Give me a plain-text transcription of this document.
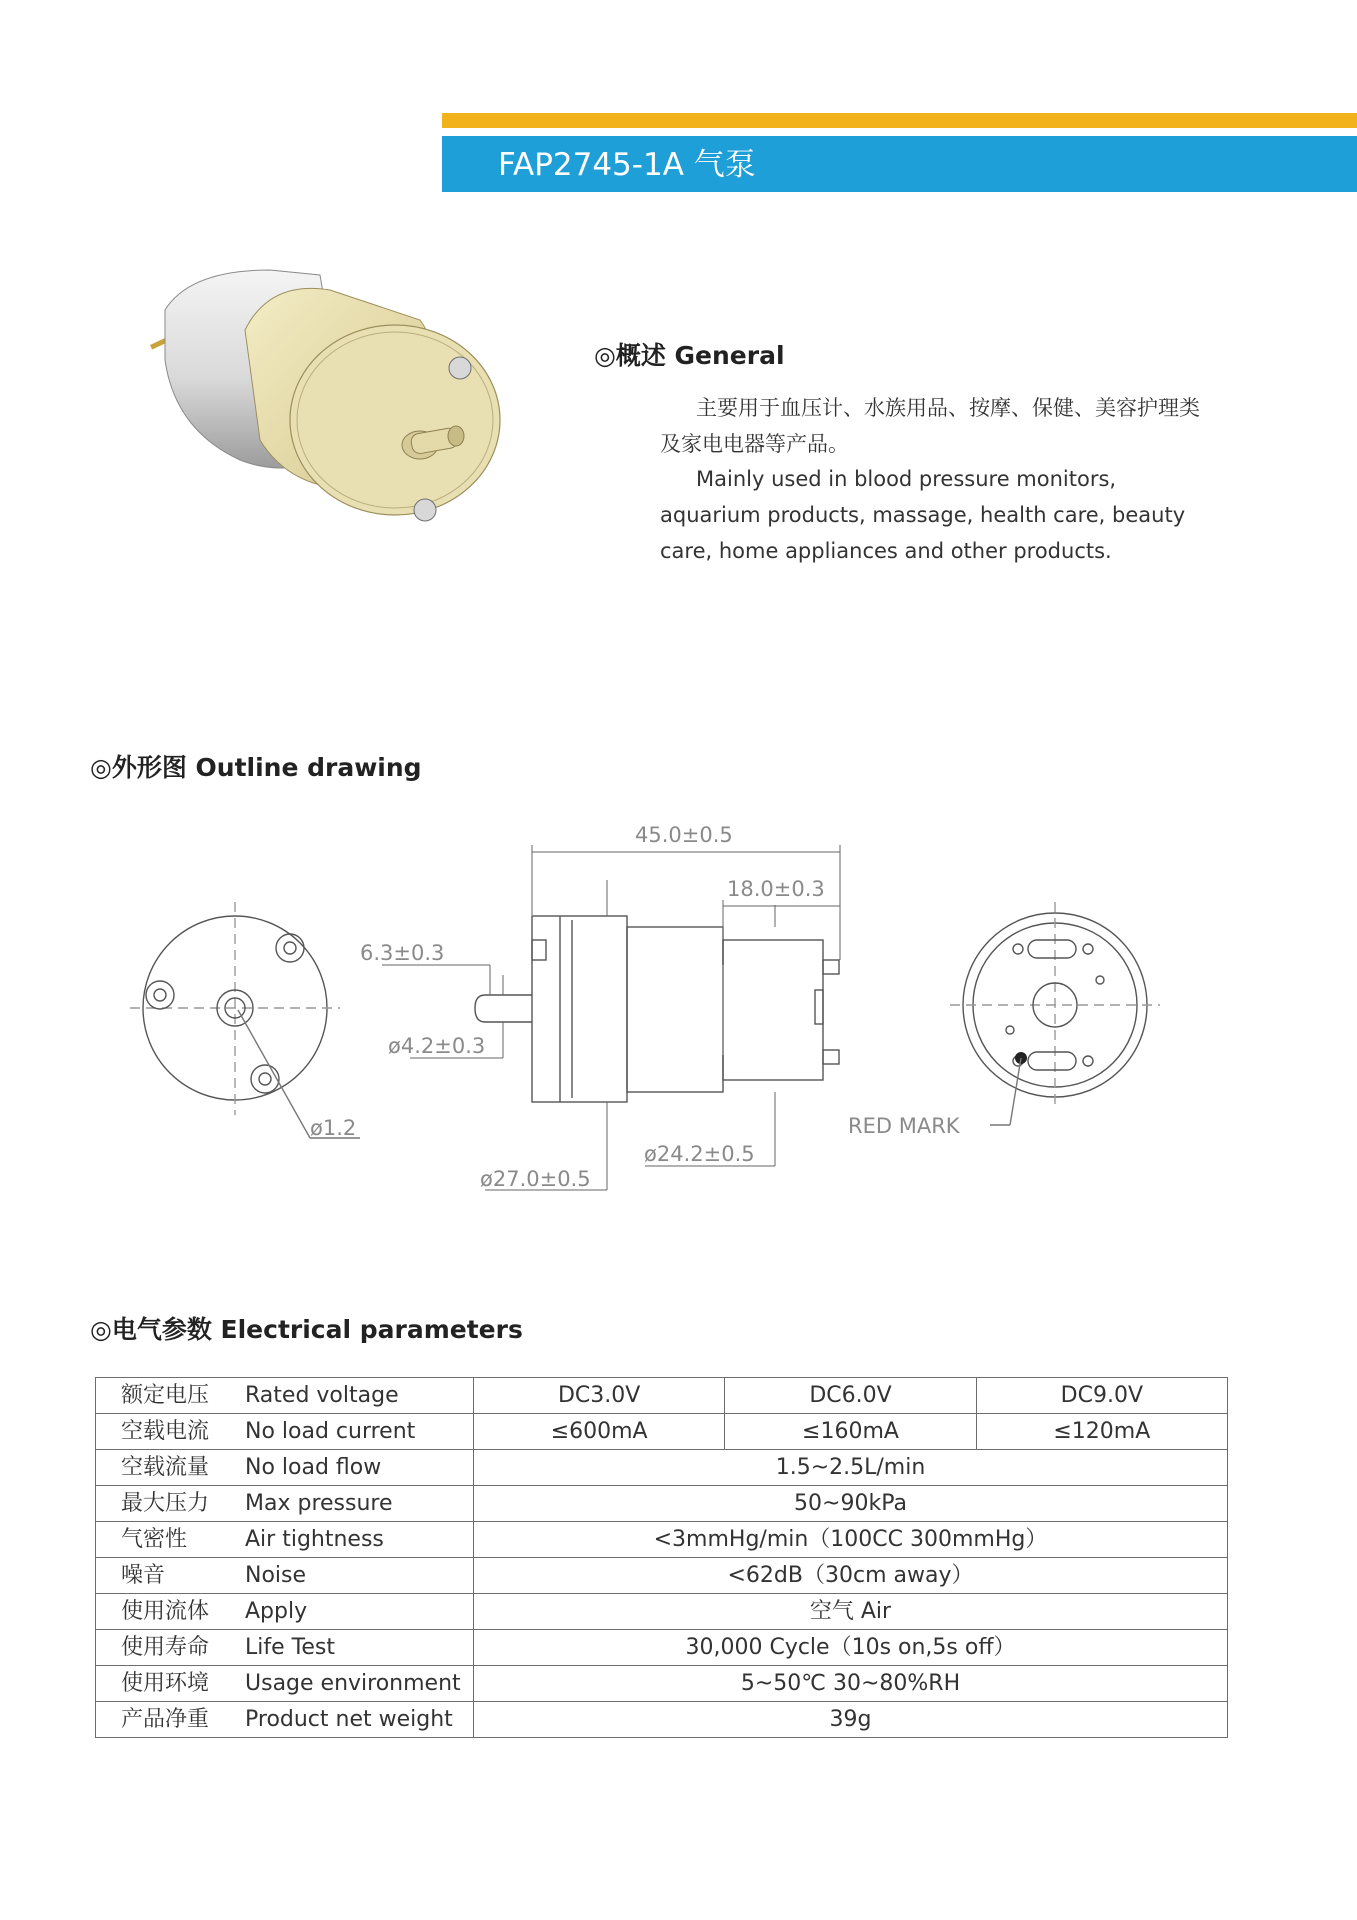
FAP2745-1A 气泵
◎概述 General
主要用于血压计、水族用品、按摩、保健、美容护理类及家电电器等产品。
Mainly used in blood pressure monitors, aquarium products, massage, health care, beauty care, home appliances and other products.
◎外形图 Outline drawing
ø1.2
45.0±0.5
18.0±0.3
6.3±0.3
ø4.2±0.3
ø27.0±0.5
ø24.2±0.5
RED MARK
◎电气参数 Electrical parameters
额定电压 Rated voltage	DC3.0V	DC6.0V	DC9.0V
空载电流 No load current	≤600mA	≤160mA	≤120mA
空载流量 No load flow	1.5~2.5L/min		
最大压力 Max pressure	50~90kPa		
气密性 Air tightness	<3mmHg/min（100CC 300mmHg）		
噪音 Noise	<62dB（30cm away）		
使用流体 Apply	空气 Air		
使用寿命 Life Test	30,000 Cycle（10s on,5s off）		
使用环境 Usage environment	5~50℃ 30~80%RH		
产品净重 Product net weight	39g		
